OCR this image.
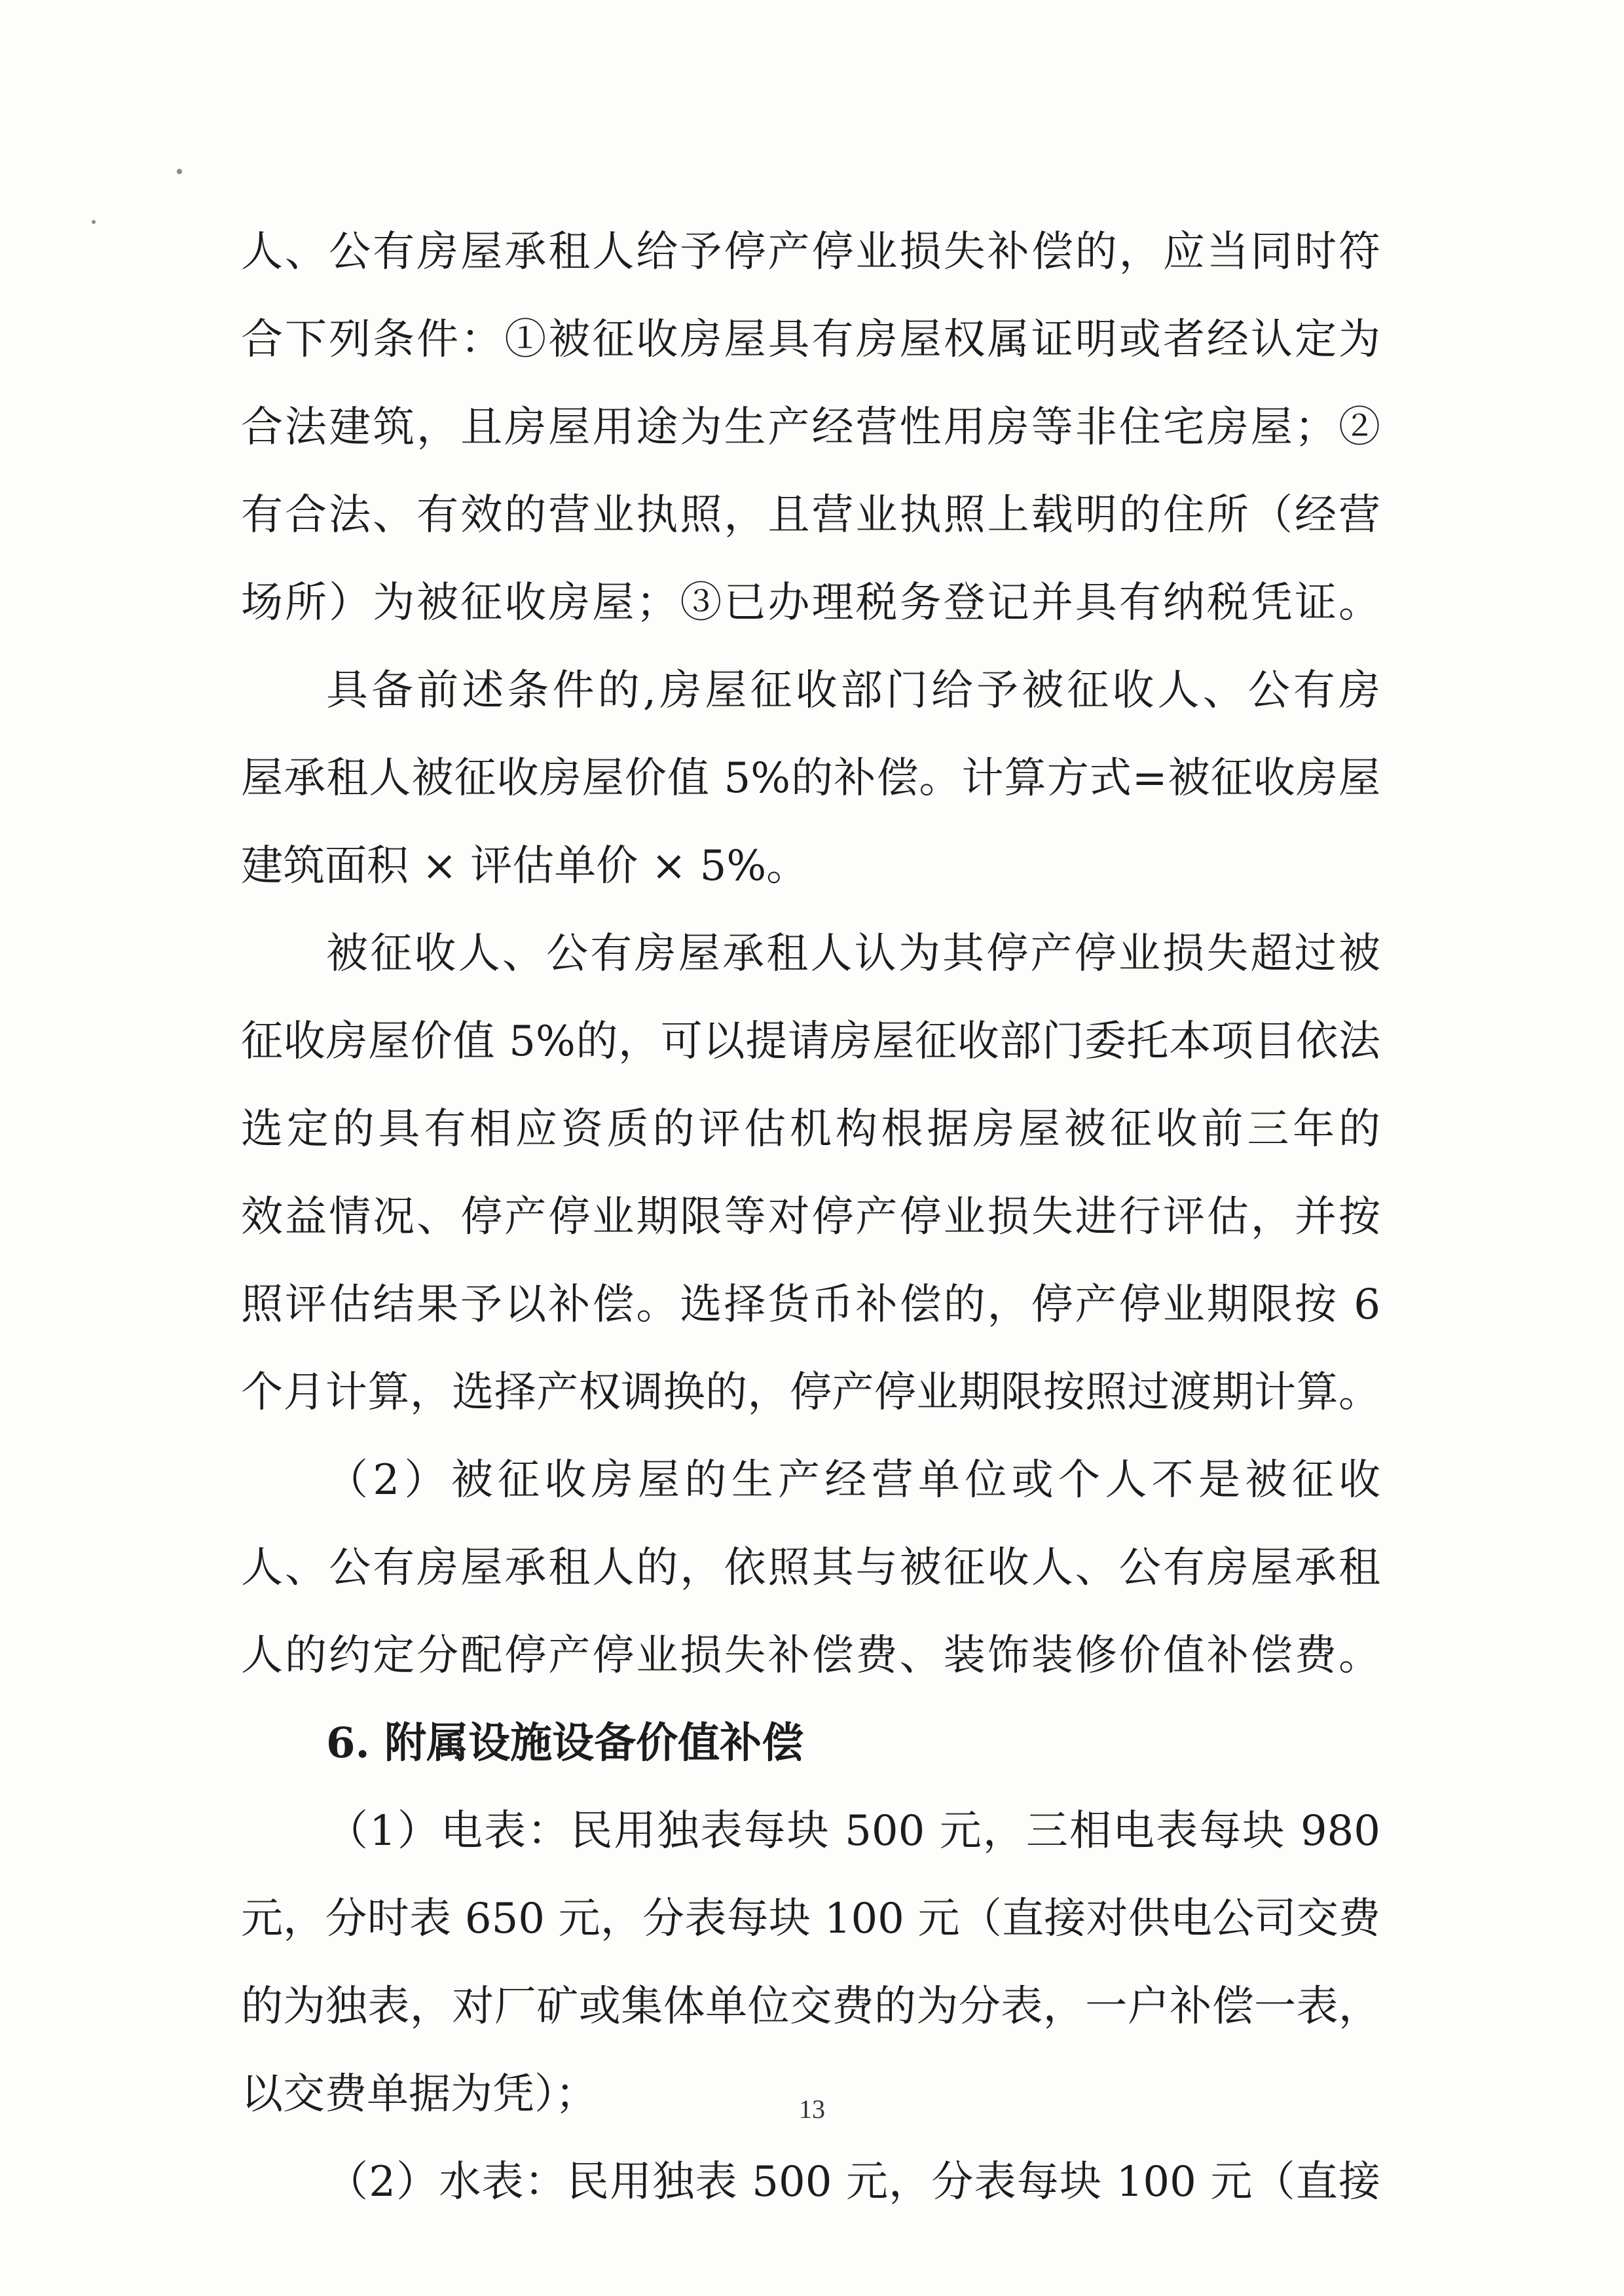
人、公有房屋承租人给予停产停业损失补偿的，应当同时符

合下列条件：①被征收房屋具有房屋权属证明或者经认定为

合法建筑，且房屋用途为生产经营性用房等非住宅房屋；②

有合法、有效的营业执照，且营业执照上载明的住所（经营

场所）为被征收房屋；③已办理税务登记并具有纳税凭证。

具备前述条件的,房屋征收部门给予被征收人、公有房

屋承租人被征收房屋价值 5%的补偿。计算方式=被征收房屋

建筑面积 × 评估单价 × 5%。

被征收人、公有房屋承租人认为其停产停业损失超过被

征收房屋价值 5%的，可以提请房屋征收部门委托本项目依法

选定的具有相应资质的评估机构根据房屋被征收前三年的

效益情况、停产停业期限等对停产停业损失进行评估，并按

照评估结果予以补偿。选择货币补偿的，停产停业期限按 6

个月计算，选择产权调换的，停产停业期限按照过渡期计算。

（2）被征收房屋的生产经营单位或个人不是被征收

人、公有房屋承租人的，依照其与被征收人、公有房屋承租

人的约定分配停产停业损失补偿费、装饰装修价值补偿费。

6. 附属设施设备价值补偿

（1）电表：民用独表每块 500 元，三相电表每块 980

元，分时表 650 元，分表每块 100 元（直接对供电公司交费

的为独表，对厂矿或集体单位交费的为分表，一户补偿一表，

以交费单据为凭）；

（2）水表：民用独表 500 元，分表每块 100 元（直接

13
